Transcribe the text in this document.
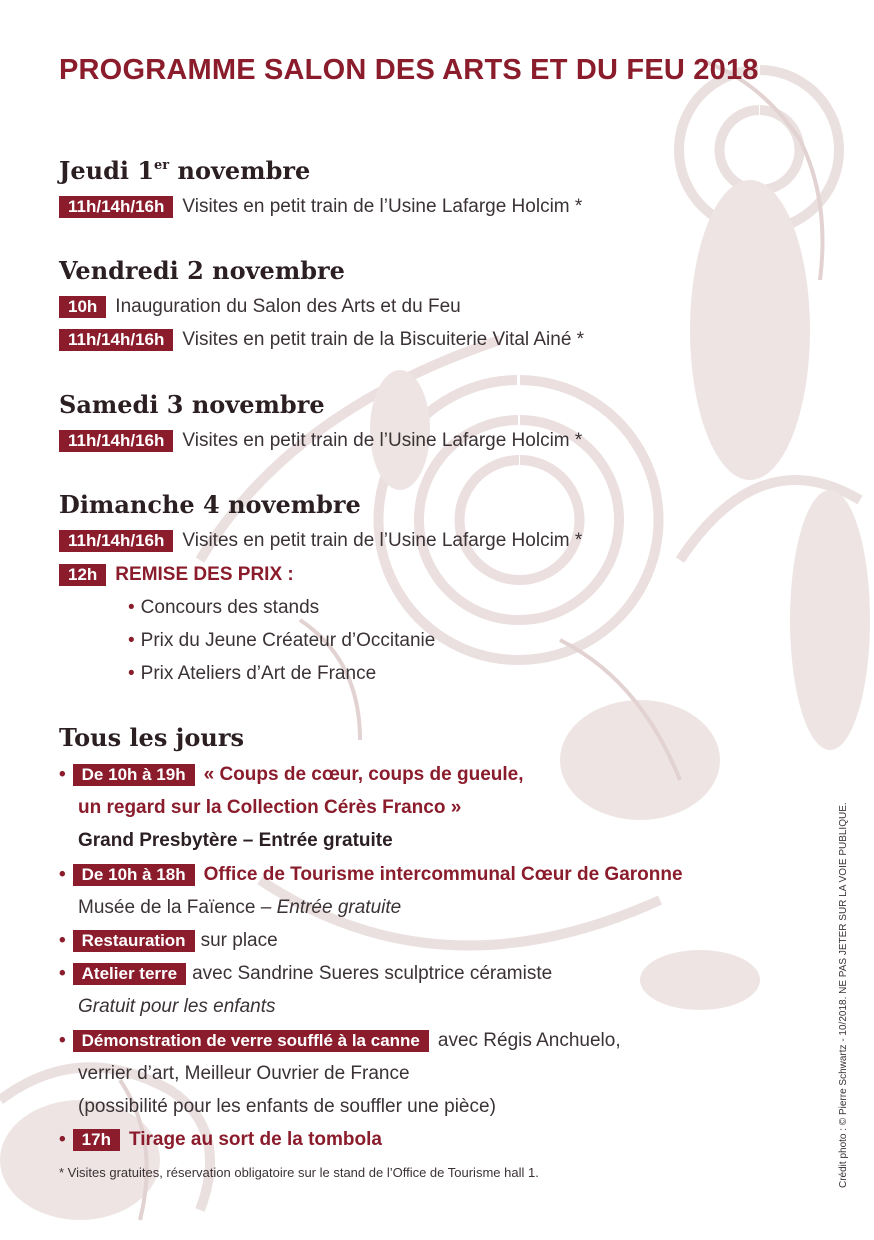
PROGRAMME SALON DES ARTS ET DU FEU 2018
Jeudi 1er novembre
11h/14h/16h Visites en petit train de l’Usine Lafarge Holcim *
Vendredi 2 novembre
10h Inauguration du Salon des Arts et du Feu
11h/14h/16h Visites en petit train de la Biscuiterie Vital Ainé *
Samedi 3 novembre
11h/14h/16h Visites en petit train de l’Usine Lafarge Holcim *
Dimanche 4 novembre
11h/14h/16h Visites en petit train de l’Usine Lafarge Holcim *
12h REMISE DES PRIX :
• Concours des stands
• Prix du Jeune Créateur d’Occitanie
• Prix Ateliers d’Art de France
Tous les jours
• De 10h à 19h « Coups de cœur, coups de gueule,
un regard sur la Collection Cérès Franco »
Grand Presbytère – Entrée gratuite
• De 10h à 18h Office de Tourisme intercommunal Cœur de Garonne
Musée de la Faïence – Entrée gratuite
• Restauration sur place
• Atelier terre avec Sandrine Sueres sculptrice céramiste
Gratuit pour les enfants
• Démonstration de verre soufflé à la canne avec Régis Anchuelo,
verrier d’art, Meilleur Ouvrier de France
(possibilité pour les enfants de souffler une pièce)
• 17h Tirage au sort de la tombola
* Visites gratuites, réservation obligatoire sur le stand de l’Office de Tourisme hall 1.	Crédit photo : © Pierre Schwartz - 10/2018. NE PAS JETER SUR LA VOIE PUBLIQUE.
